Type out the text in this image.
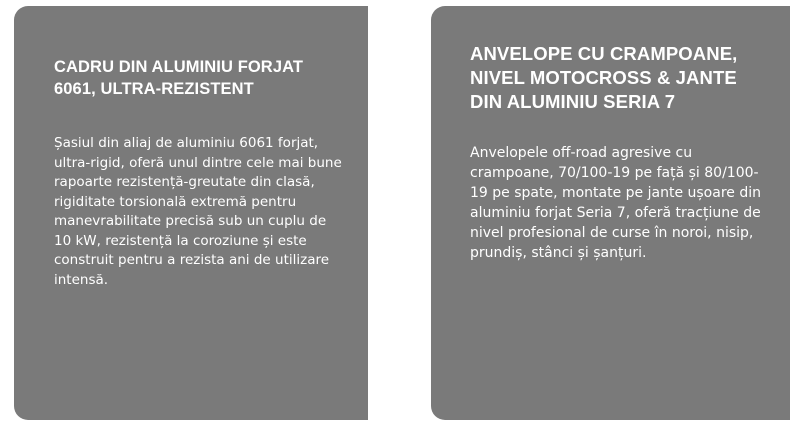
CADRU DIN ALUMINIU FORJAT
6061, ULTRA-REZISTENT

Șasiul din aliaj de aluminiu 6061 forjat, ultra-rigid, oferă unul dintre cele mai bune rapoarte rezistență-greutate din clasă, rigiditate torsională extremă pentru manevrabilitate precisă sub un cuplu de 10 kW, rezistență la coroziune și este construit pentru a rezista ani de utilizare intensă.

ANVELOPE CU CRAMPOANE,
NIVEL MOTOCROSS & JANTE
DIN ALUMINIU SERIA 7

Anvelopele off-road agresive cu crampoane, 70/100-19 pe față și 80/100-19 pe spate, montate pe jante ușoare din aluminiu forjat Seria 7, oferă tracțiune de nivel profesional de curse în noroi, nisip, prundiș, stânci și șanțuri.
